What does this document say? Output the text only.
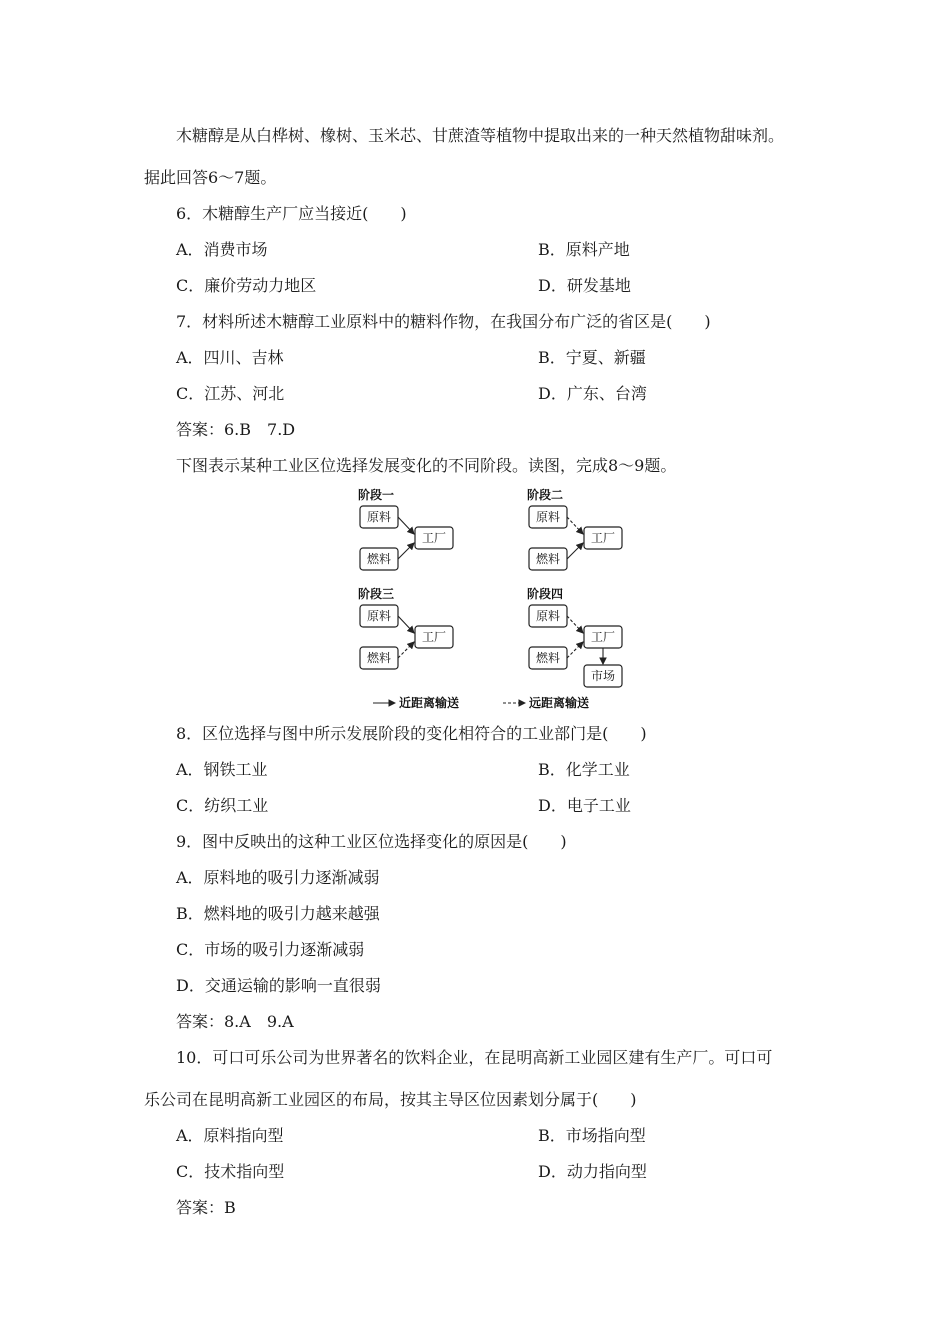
木糖醇是从白桦树、橡树、玉米芯、甘蔗渣等植物中提取出来的一种天然植物甜味剂。
据此回答6～7题。
6．木糖醇生产厂应当接近(　　)
A．消费市场	B．原料产地
C．廉价劳动力地区	D．研发基地
7．材料所述木糖醇工业原料中的糖料作物，在我国分布广泛的省区是(　　)
A．四川、吉林	B．宁夏、新疆
C．江苏、河北	D．广东、台湾
答案：6.B　7.D
下图表示某种工业区位选择发展变化的不同阶段。读图，完成8～9题。
阶段一	阶段二
阶段三	阶段四
原料
燃料
工厂
原料
燃料
工厂
原料
燃料
工厂
原料
燃料
工厂
市场
近距离输送	远距离输送
8．区位选择与图中所示发展阶段的变化相符合的工业部门是(　　)
A．钢铁工业	B．化学工业
C．纺织工业	D．电子工业
9．图中反映出的这种工业区位选择变化的原因是(　　)
A．原料地的吸引力逐渐减弱
B．燃料地的吸引力越来越强
C．市场的吸引力逐渐减弱
D．交通运输的影响一直很弱
答案：8.A　9.A
10．可口可乐公司为世界著名的饮料企业，在昆明高新工业园区建有生产厂。可口可
乐公司在昆明高新工业园区的布局，按其主导区位因素划分属于(　　)
A．原料指向型	B．市场指向型
C．技术指向型	D．动力指向型
答案：B
